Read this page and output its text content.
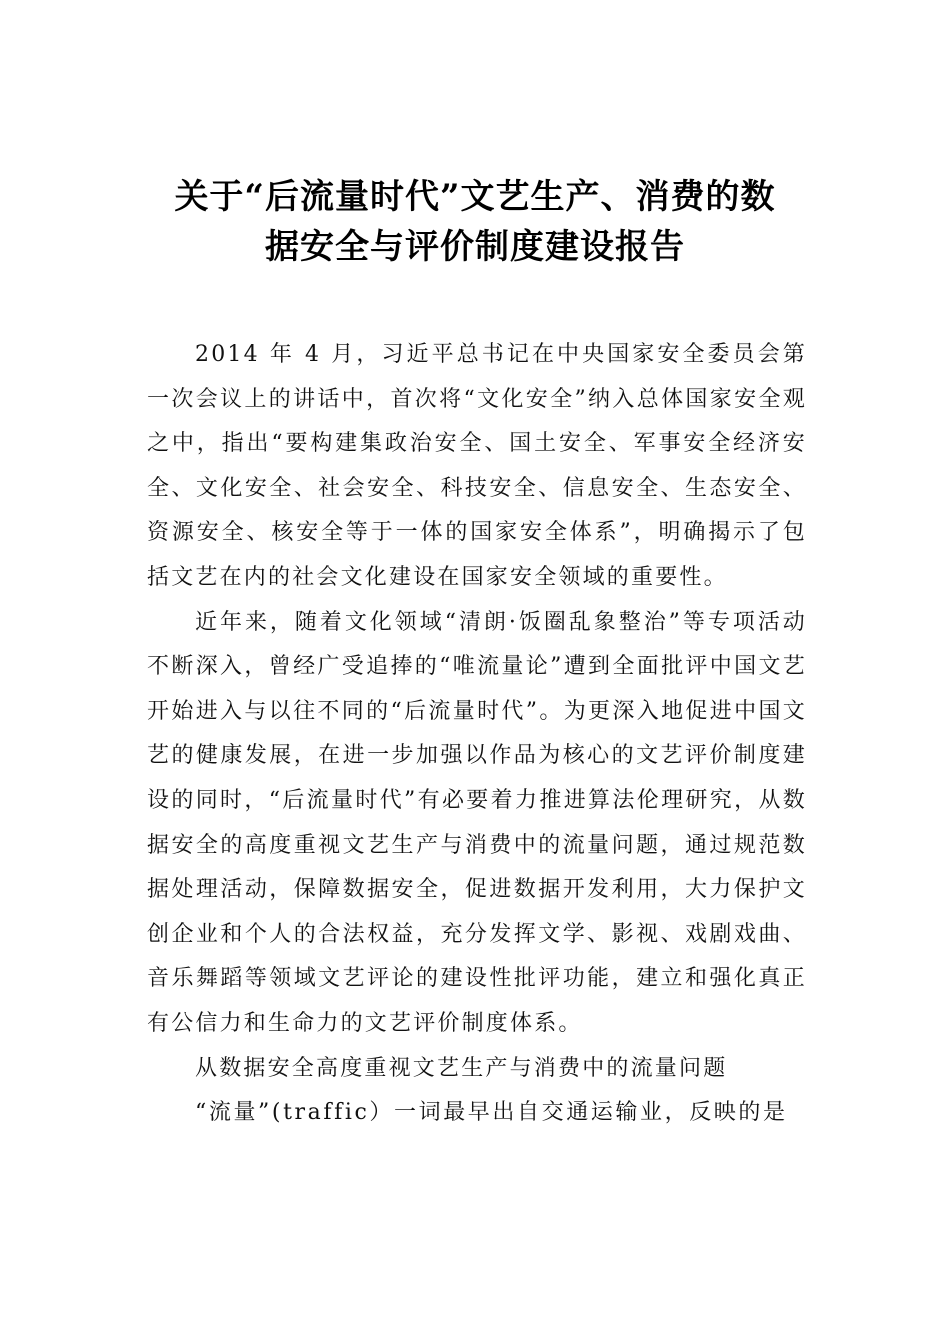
关于“后流量时代”文艺生产、消费的数
据安全与评价制度建设报告

2014 年 4 月，习近平总书记在中央国家安全委员会第一次会议上的讲话中，首次将“文化安全”纳入总体国家安全观之中，指出“要构建集政治安全、国土安全、军事安全经济安全、文化安全、社会安全、科技安全、信息安全、生态安全、资源安全、核安全等于一体的国家安全体系”，明确揭示了包括文艺在内的社会文化建设在国家安全领域的重要性。

近年来，随着文化领域“清朗·饭圈乱象整治”等专项活动不断深入，曾经广受追捧的“唯流量论”遭到全面批评中国文艺开始进入与以往不同的“后流量时代”。为更深入地促进中国文艺的健康发展，在进一步加强以作品为核心的文艺评价制度建设的同时，“后流量时代”有必要着力推进算法伦理研究，从数据安全的高度重视文艺生产与消费中的流量问题，通过规范数据处理活动，保障数据安全，促进数据开发利用，大力保护文创企业和个人的合法权益，充分发挥文学、影视、戏剧戏曲、音乐舞蹈等领域文艺评论的建设性批评功能，建立和强化真正有公信力和生命力的文艺评价制度体系。

从数据安全高度重视文艺生产与消费中的流量问题

“流量”(traffic）一词最早出自交通运输业，反映的是
